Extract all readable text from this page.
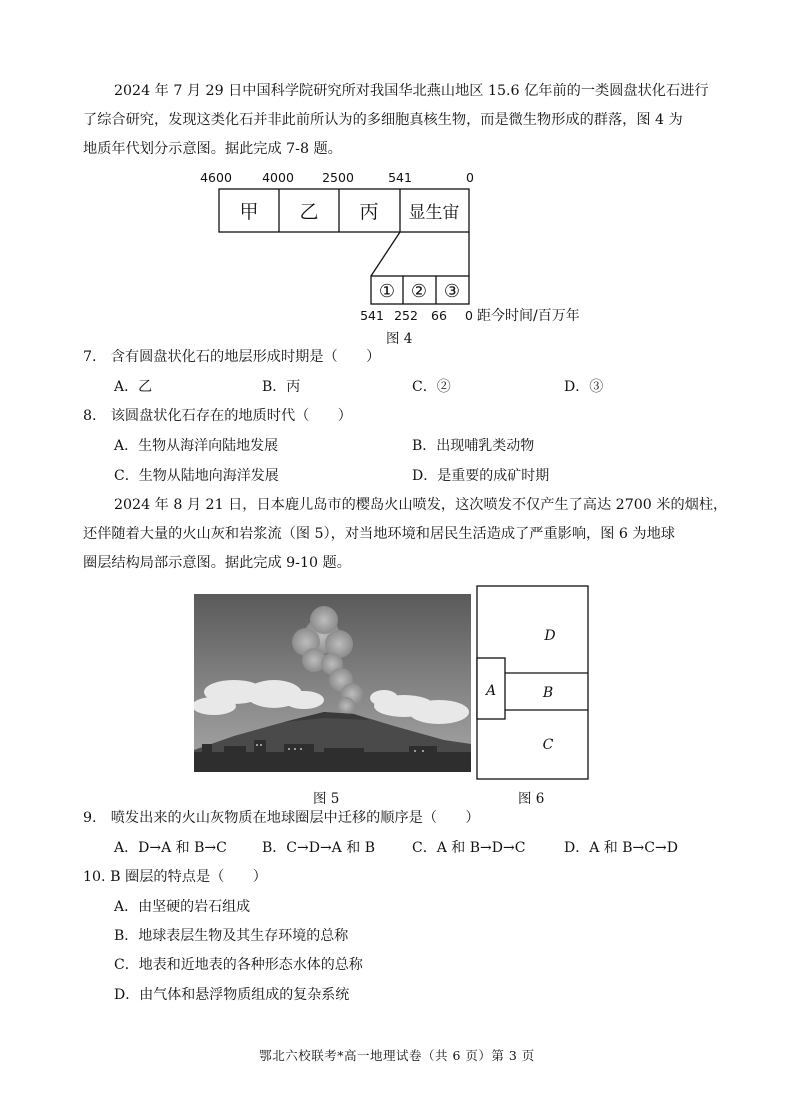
2024 年 7 月 29 日中国科学院研究所对我国华北燕山地区 15.6 亿年前的一类圆盘状化石进行
了综合研究，发现这类化石并非此前所认为的多细胞真核生物，而是微生物形成的群落，图 4 为
地质年代划分示意图。据此完成 7-8 题。
4600 4000 2500	541	0
甲 乙 丙 显生宙
① ② ③
541 252 66 0 距今时间/百万年
图 4
7.　含有圆盘状化石的地层形成时期是（　　）
A．乙	B．丙	C．②	D．③
8.　该圆盘状化石存在的地质时代（　　）
A．生物从海洋向陆地发展	B．出现哺乳类动物
C．生物从陆地向海洋发展	D．是重要的成矿时期
2024 年 8 月 21 日，日本鹿儿岛市的樱岛火山喷发，这次喷发不仅产生了高达 2700 米的烟柱，
还伴随着大量的火山灰和岩浆流（图 5），对当地环境和居民生活造成了严重影响，图 6 为地球
圈层结构局部示意图。据此完成 9-10 题。
D
A	B
C
图 5	图 6
9.　喷发出来的火山灰物质在地球圈层中迁移的顺序是（　　）
A．D→A 和 B→C	B．C→D→A 和 B	C．A 和 B→D→C	D．A 和 B→C→D
10. B 圈层的特点是（　　）
A．由坚硬的岩石组成
B．地球表层生物及其生存环境的总称
C．地表和近地表的各种形态水体的总称
D．由气体和悬浮物质组成的复杂系统
鄂北六校联考*高一地理试卷（共 6 页）第 3 页
